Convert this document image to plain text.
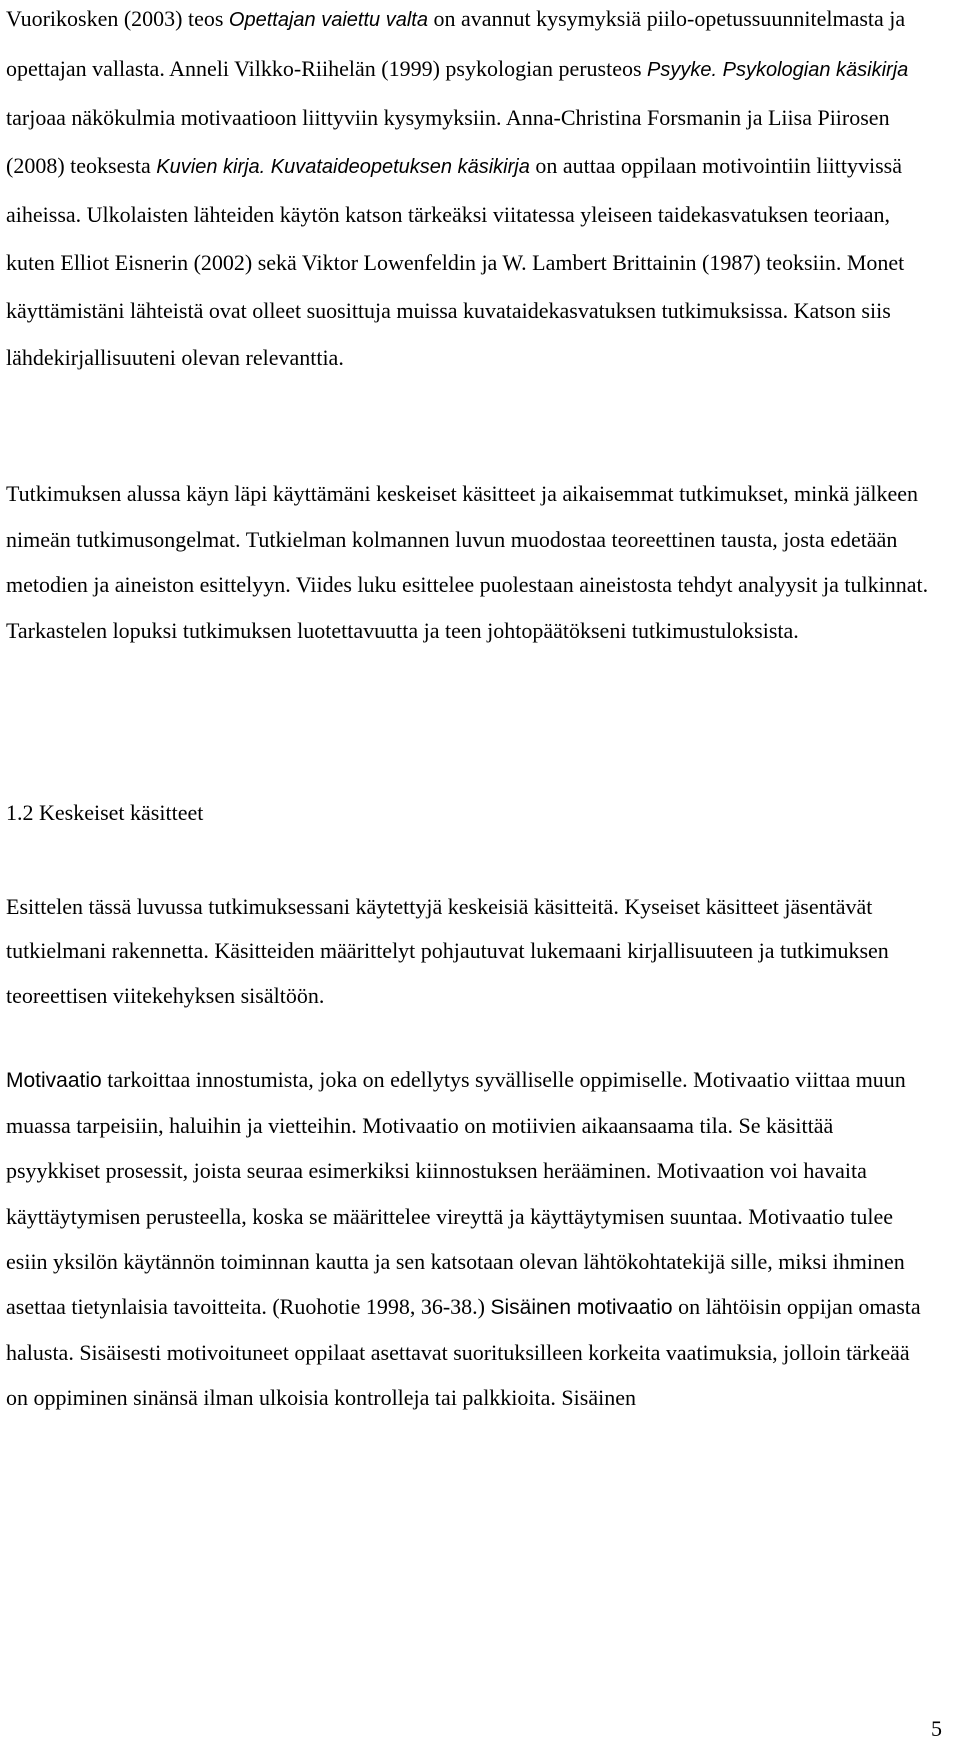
Vuorikosken (2003) teos Opettajan vaiettu valta on avannut kysymyksiä piilo-opetussuunnitelmasta ja opettajan vallasta. Anneli Vilkko-Riihelän (1999) psykologian perusteos Psyyke. Psykologian käsikirja tarjoaa näkökulmia motivaatioon liittyviin kysymyksiin. Anna-Christina Forsmanin ja Liisa Piirosen (2008) teoksesta Kuvien kirja. Kuvataideopetuksen käsikirja on auttaa oppilaan motivointiin liittyvissä aiheissa. Ulkolaisten lähteiden käytön katson tärkeäksi viitatessa yleiseen taidekasvatuksen teoriaan, kuten Elliot Eisnerin (2002) sekä Viktor Lowenfeldin ja W. Lambert Brittainin (1987) teoksiin. Monet käyttämistäni lähteistä ovat olleet suosittuja muissa kuvataidekasvatuksen tutkimuksissa. Katson siis lähdekirjallisuuteni olevan relevanttia.

Tutkimuksen alussa käyn läpi käyttämäni keskeiset käsitteet ja aikaisemmat tutkimukset, minkä jälkeen nimeän tutkimusongelmat. Tutkielman kolmannen luvun muodostaa teoreettinen tausta, josta edetään metodien ja aineiston esittelyyn. Viides luku esittelee puolestaan aineistosta tehdyt analyysit ja tulkinnat. Tarkastelen lopuksi tutkimuksen luotettavuutta ja teen johtopäätökseni tutkimustuloksista.

1.2 Keskeiset käsitteet

Esittelen tässä luvussa tutkimuksessani käytettyjä keskeisiä käsitteitä. Kyseiset käsitteet jäsentävät tutkielmani rakennetta. Käsitteiden määrittelyt pohjautuvat lukemaani kirjallisuuteen ja tutkimuksen teoreettisen viitekehyksen sisältöön.

Motivaatio tarkoittaa innostumista, joka on edellytys syvälliselle oppimiselle. Motivaatio viittaa muun muassa tarpeisiin, haluihin ja vietteihin. Motivaatio on motiivien aikaansaama tila. Se käsittää psyykkiset prosessit, joista seuraa esimerkiksi kiinnostuksen herääminen. Motivaation voi havaita käyttäytymisen perusteella, koska se määrittelee vireyttä ja käyttäytymisen suuntaa. Motivaatio tulee esiin yksilön käytännön toiminnan kautta ja sen katsotaan olevan lähtökohtatekijä sille, miksi ihminen asettaa tietynlaisia tavoitteita. (Ruohotie 1998, 36-38.) Sisäinen motivaatio on lähtöisin oppijan omasta halusta. Sisäisesti motivoituneet oppilaat asettavat suorituksilleen korkeita vaatimuksia, jolloin tärkeää on oppiminen sinänsä ilman ulkoisia kontrolleja tai palkkioita. Sisäinen

5
